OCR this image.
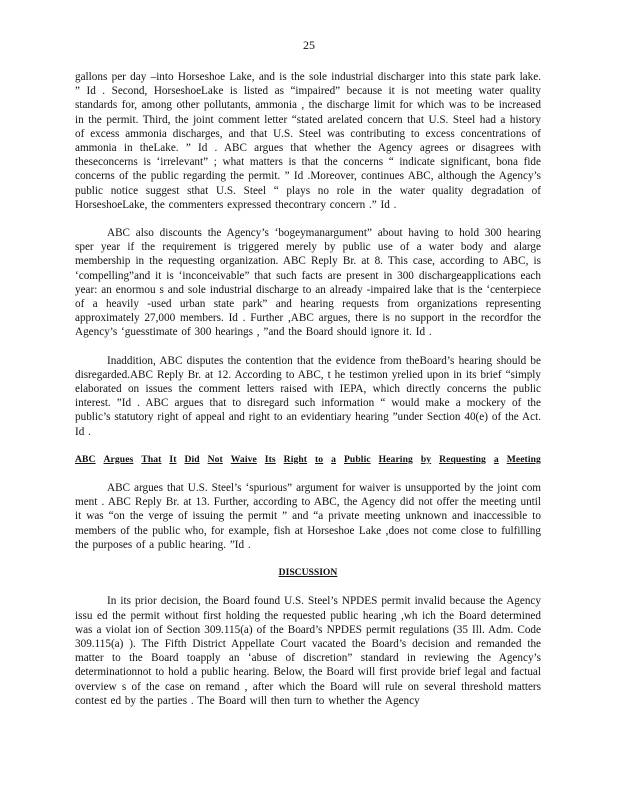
25

gallons per day –into Horseshoe Lake, and is the sole industrial discharger into this state park lake. ” Id . Second, HorseshoeLake is listed as “impaired” because it is not meeting water quality standards for, among other pollutants, ammonia , the discharge limit for which was to be increased in the permit. Third, the joint comment letter “stated arelated concern that U.S. Steel had a history of excess ammonia discharges, and that U.S. Steel was contributing to excess concentrations of ammonia in theLake. ” Id . ABC argues that whether the Agency agrees or disagrees with theseconcerns is ‘irrelevant” ; what matters is that the concerns “ indicate significant, bona fide concerns of the public regarding the permit. ” Id .Moreover, continues ABC, although the Agency’s public notice suggest sthat U.S. Steel “ plays no role in the water quality degradation of HorseshoeLake, the commenters expressed thecontrary concern .” Id .

ABC also discounts the Agency’s ‘bogeymanargument” about having to hold 300 hearing sper year if the requirement is triggered merely by public use of a water body and alarge membership in the requesting organization. ABC Reply Br. at 8. This case, according to ABC, is ‘compelling”and it is ‘inconceivable” that such facts are present in 300 dischargeapplications each year: an enormou s and sole industrial discharge to an already -impaired lake that is the ‘centerpiece of a heavily -used urban state park” and hearing requests from organizations representing approximately 27,000 members. Id . Further ,ABC argues, there is no support in the recordfor the Agency’s ‘guesstimate of 300 hearings , ”and the Board should ignore it. Id .

Inaddition, ABC disputes the contention that the evidence from theBoard’s hearing should be disregarded.ABC Reply Br. at 12. According to ABC, t he testimon yrelied upon in its brief “simply elaborated on issues the comment letters raised with IEPA, which directly concerns the public interest. ”Id . ABC argues that to disregard such information “ would make a mockery of the public’s statutory right of appeal and right to an evidentiary hearing ”under Section 40(e) of the Act. Id .

ABC Argues That It Did Not Waive Its Right to a Public Hearing by Requesting a Meeting

ABC argues that U.S. Steel’s ‘spurious” argument for waiver is unsupported by the joint com ment . ABC Reply Br. at 13. Further, according to ABC, the Agency did not offer the meeting until it was “on the verge of issuing the permit ” and “a private meeting unknown and inaccessible to members of the public who, for example, fish at Horseshoe Lake ,does not come close to fulfilling the purposes of a public hearing. ”Id .

DISCUSSION

In its prior decision, the Board found U.S. Steel’s NPDES permit invalid because the Agency issu ed the permit without first holding the requested public hearing ,wh ich the Board determined was a violat ion of Section 309.115(a) of the Board’s NPDES permit regulations (35 Ill. Adm. Code 309.115(a) ). The Fifth District Appellate Court vacated the Board’s decision and remanded the matter to the Board toapply an ‘abuse of discretion” standard in reviewing the Agency’s determinationnot to hold a public hearing. Below, the Board will first provide brief legal and factual overview s of the case on remand , after which the Board will rule on several threshold matters contest ed by the parties . The Board will then turn to whether the Agency
